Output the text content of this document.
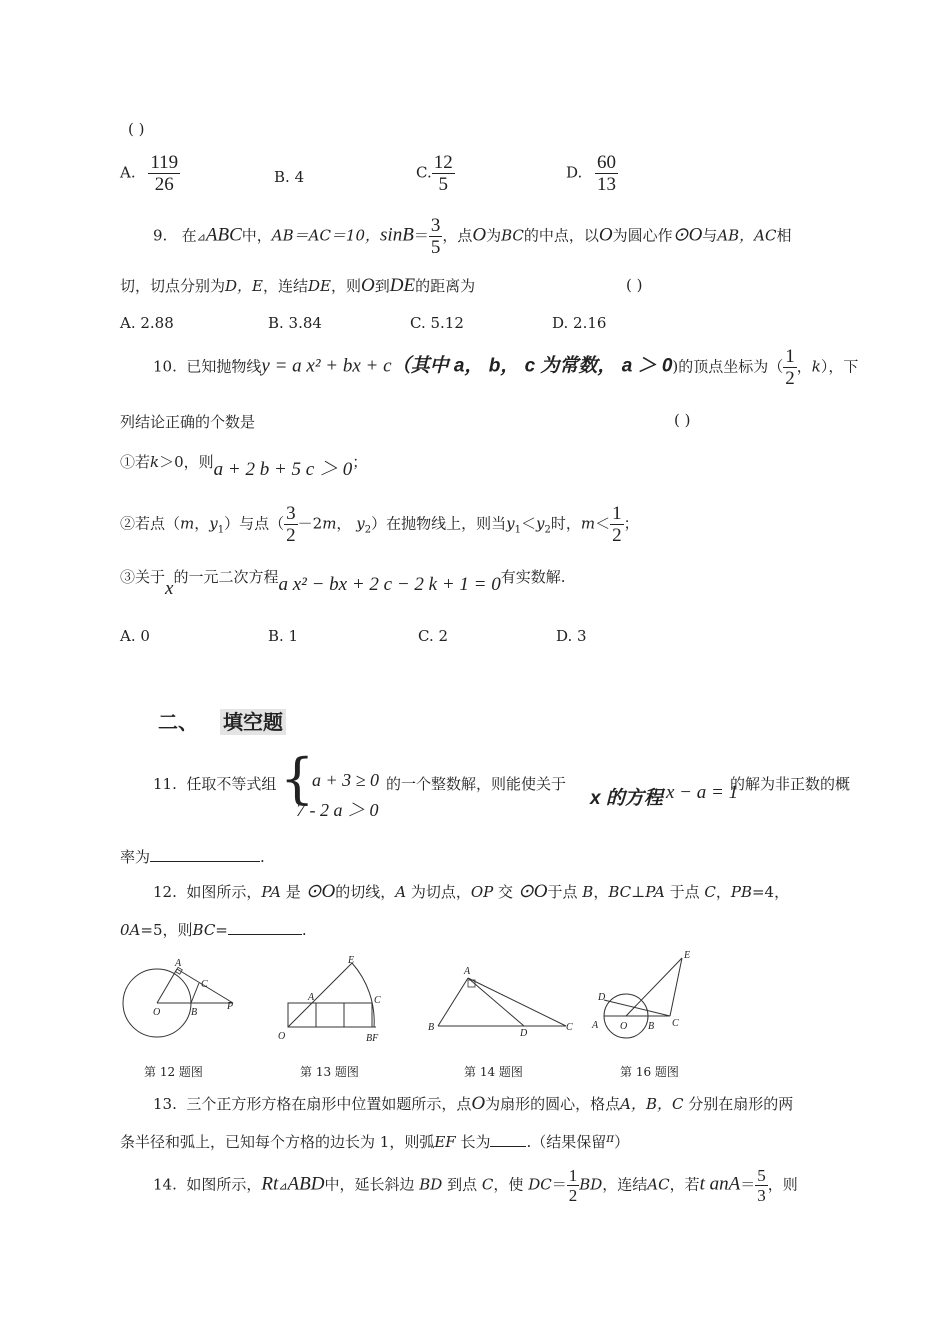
( )
A. $\frac{119}{26}$	B. 4	C. $\frac{12}{5}$	D. $\frac{60}{13}$
9. 在⊿ABC中，AB＝AC＝10，$\sin B= \frac{3}{5}$ ，点O为BC的中点，以O为圆心作⊙O与AB，AC相
切，切点分别为D，E，连结DE，则O到DE的距离为	( )
A. 2.88	B. 3.84	C. 5.12	D. 2.16
10. 已知抛物线y = a x² + bx + c（其中 a， b， c 为常数， a ＞ 0)的顶点坐标为（ $\frac{1}{2}$ ，k），下
列结论正确的个数是	( )
①若k＞0，则a + 2 b + 5 c ＞ 0；
②若点（m，$y_1$）与点（ $\frac{3}{2} -2m$， $y_2$）在抛物线上，则当$y_1<y_2$时，$m< \frac{1}{2}$ ；
③关于x的一元二次方程a x² − bx + 2 c − 2 k + 1 = 0有实数解.
A. 0	B. 1	C. 2	D. 3
二、 填空题
11. 任取不等式组 {
a + 3 ≥ 0
7 - 2 a ＞ 0
的一个整数解，则能使关于
x 的方程 x − a = 1
的解为非正数的概
率为	.
12. 如图所示，PA 是 ⊙O的切线，A 为切点，OP 交 ⊙O于点 B，BC⊥PA 于点 C，PB=4，
0A=5，则BC=	.
A
C
O	B
P
第 12 题图
E
A	C
O	BF
第 13 题图
A
B
D
C
第 14 题图
E
D
A O B C
第 16 题图
13. 三个正方形方格在扇形中位置如题所示，点O为扇形的圆心，格点A，B，C 分别在扇形的两
条半径和弧上，已知每个方格的边长为 1，则弧EF 长为 .（结果保留$^\pi$）
14. 如图所示，Rt⊿ABD中，延长斜边 BD 到点 C，使 $DC= \frac{1}{2}$ BD，连结AC，若t $anA= \frac{5}{3}$ ，则
